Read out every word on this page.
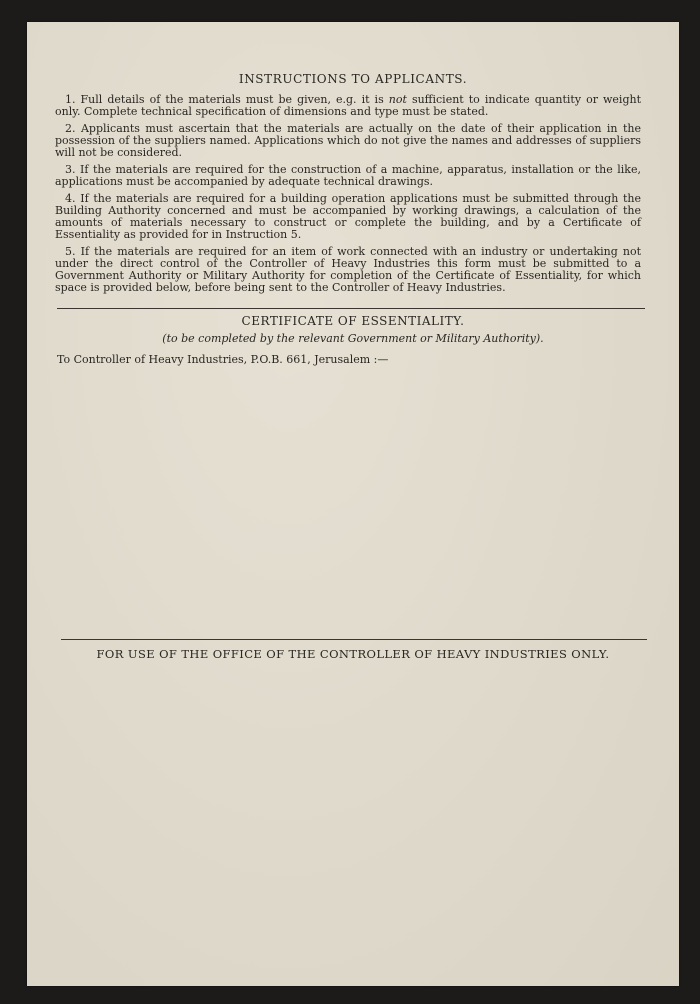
INSTRUCTIONS TO APPLICANTS.
1. Full details of the materials must be given, e.g. it is not sufficient to indicate quantity or weight only. Complete technical specification of dimensions and type must be stated.
2. Applicants must ascertain that the materials are actually on the date of their application in the possession of the suppliers named. Applications which do not give the names and addresses of suppliers will not be considered.
3. If the materials are required for the construction of a machine, apparatus, installation or the like, applications must be accompanied by adequate technical drawings.
4. If the materials are required for a building operation applications must be submitted through the Building Authority concerned and must be accompanied by working drawings, a calculation of the amounts of materials necessary to construct or complete the building, and by a Certificate of Essentiality as provided for in Instruction 5.
5. If the materials are required for an item of work connected with an industry or undertaking not under the direct control of the Controller of Heavy Industries this form must be submitted to a Government Authority or Military Authority for completion of the Certificate of Essentiality, for which space is provided below, before being sent to the Controller of Heavy Industries.
CERTIFICATE OF ESSENTIALITY.
(to be completed by the relevant Government or Military Authority).
To Controller of Heavy Industries, P.O.B. 661, Jerusalem :—
FOR USE OF THE OFFICE OF THE CONTROLLER OF HEAVY INDUSTRIES ONLY.
